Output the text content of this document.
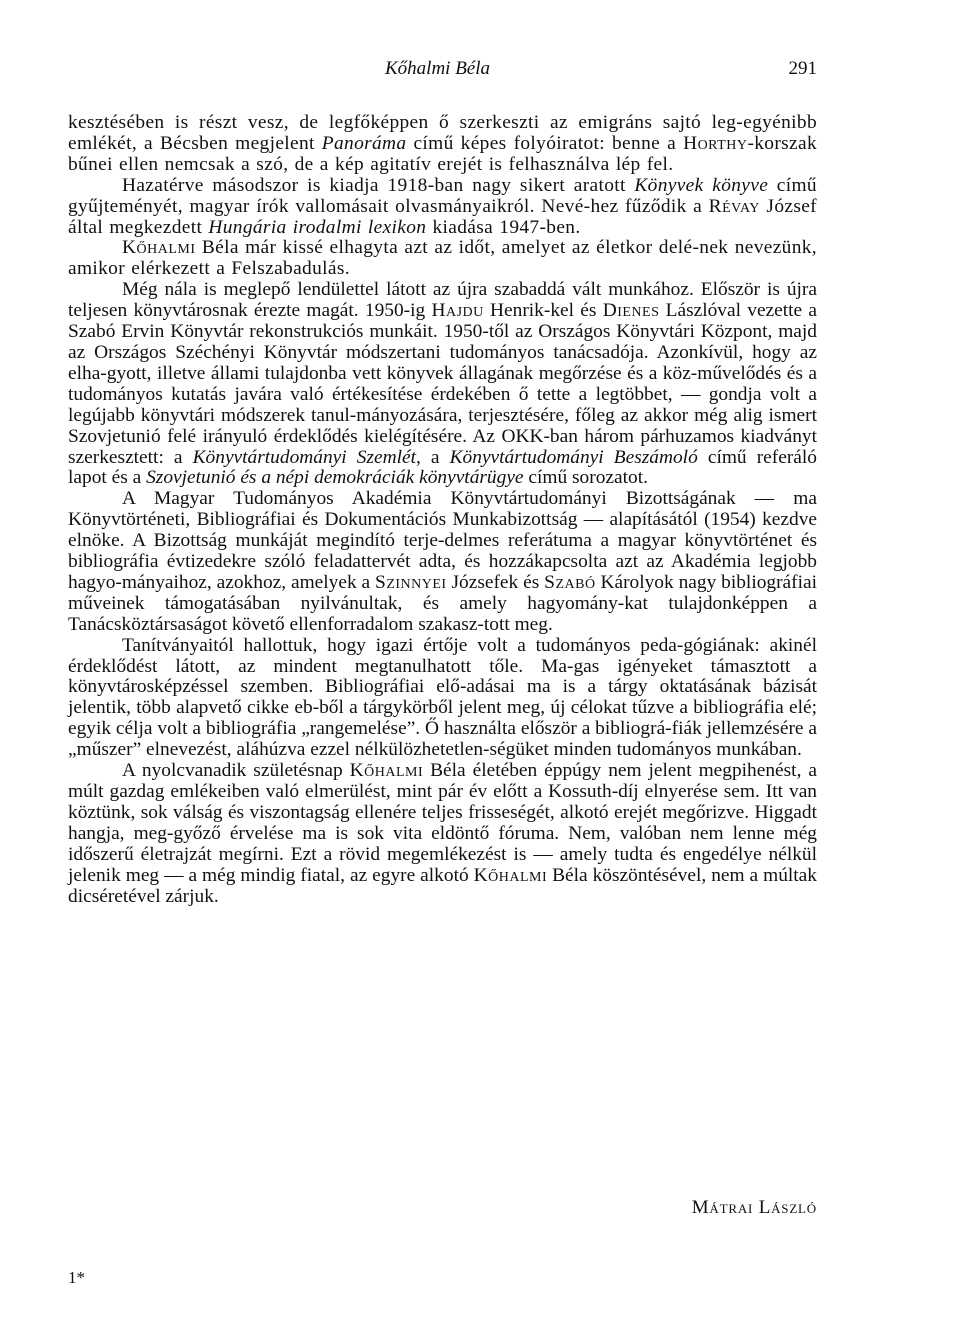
Kőhalmi Béla	291

kesztésében is részt vesz, de legfőképpen ő szerkeszti az emigráns sajtó leg-egyénibb emlékét, a Bécsben megjelent Panoráma című képes folyóiratot: benne a Horthy-korszak bűnei ellen nemcsak a szó, de a kép agitatív erejét is felhasználva lép fel.

Hazatérve másodszor is kiadja 1918-ban nagy sikert aratott Könyvek könyve című gyűjteményét, magyar írók vallomásait olvasmányaikról. Nevé-hez fűződik a Révay József által megkezdett Hungária irodalmi lexikon kiadása 1947-ben.

Kőhalmi Béla már kissé elhagyta azt az időt, amelyet az életkor delé-nek nevezünk, amikor elérkezett a Felszabadulás.

Még nála is meglepő lendülettel látott az újra szabaddá vált munkához. Először is újra teljesen könyvtárosnak érezte magát. 1950-ig Hajdu Henrik-kel és Dienes Lászlóval vezette a Szabó Ervin Könyvtár rekonstrukciós munkáit. 1950-től az Országos Könyvtári Központ, majd az Országos Széchényi Könyvtár módszertani tudományos tanácsadója. Azonkívül, hogy az elha-gyott, illetve állami tulajdonba vett könyvek állagának megőrzése és a köz-művelődés és a tudományos kutatás javára való értékesítése érdekében ő tette a legtöbbet, — gondja volt a legújabb könyvtári módszerek tanul-mányozására, terjesztésére, főleg az akkor még alig ismert Szovjetunió felé irányuló érdeklődés kielégítésére. Az OKK-ban három párhuzamos kiadványt szerkesztett: a Könyvtártudományi Szemlét, a Könyvtártudományi Beszámoló című referáló lapot és a Szovjetunió és a népi demokráciák könyvtárügye című sorozatot.

A Magyar Tudományos Akadémia Könyvtártudományi Bizottságának — ma Könyvtörténeti, Bibliográfiai és Dokumentációs Munkabizottság — alapításától (1954) kezdve elnöke. A Bizottság munkáját megindító terje-delmes referátuma a magyar könyvtörténet és bibliográfia évtizedekre szóló feladattervét adta, és hozzákapcsolta azt az Akadémia legjobb hagyo-mányaihoz, azokhoz, amelyek a Szinnyei Józsefek és Szabó Károlyok nagy bibliográfiai műveinek támogatásában nyilvánultak, és amely hagyomány-kat tulajdonképpen a Tanácsköztársaságot követő ellenforradalom szakasz-tott meg.

Tanítványaitól hallottuk, hogy igazi értője volt a tudományos peda-gógiának: akinél érdeklődést látott, az mindent megtanulhatott tőle. Ma-gas igényeket támasztott a könyvtárosképzéssel szemben. Bibliográfiai elő-adásai ma is a tárgy oktatásának bázisát jelentik, több alapvető cikke eb-ből a tárgykörből jelent meg, új célokat tűzve a bibliográfia elé; egyik célja volt a bibliográfia „rangemelése”. Ő használta először a bibliográ-fiák jellemzésére a „műszer” elnevezést, aláhúzva ezzel nélkülözhetetlen-ségüket minden tudományos munkában.

A nyolcvanadik születésnap Kőhalmi Béla életében éppúgy nem jelent megpihenést, a múlt gazdag emlékeiben való elmerülést, mint pár év előtt a Kossuth-díj elnyerése sem. Itt van köztünk, sok válság és viszontagság ellenére teljes frisseségét, alkotó erejét megőrizve. Higgadt hangja, meg-győző érvelése ma is sok vita eldöntő fóruma. Nem, valóban nem lenne még időszerű életrajzát megírni. Ezt a rövid megemlékezést is — amely tudta és engedélye nélkül jelenik meg — a még mindig fiatal, az egyre alkotó Kőhalmi Béla köszöntésével, nem a múltak dicséretével zárjuk.

Mátrai László
1*
